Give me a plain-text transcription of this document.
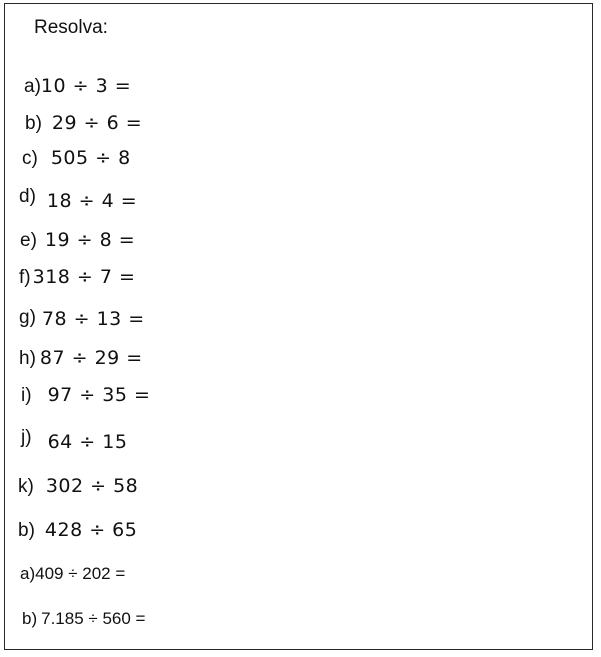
Resolva:
a)10 ÷ 3 =
b) 29 ÷ 6 =
c) 505 ÷ 8
d) 18 ÷ 4 =
e) 19 ÷ 8 =
f) 318 ÷ 7 =
g) 78 ÷ 13 =
h) 87 ÷ 29 =
i) 97 ÷ 35 =
j) 64 ÷ 15
k) 302 ÷ 58
b) 428 ÷ 65
a)409 ÷ 202 =
b) 7.185 ÷ 560 =
